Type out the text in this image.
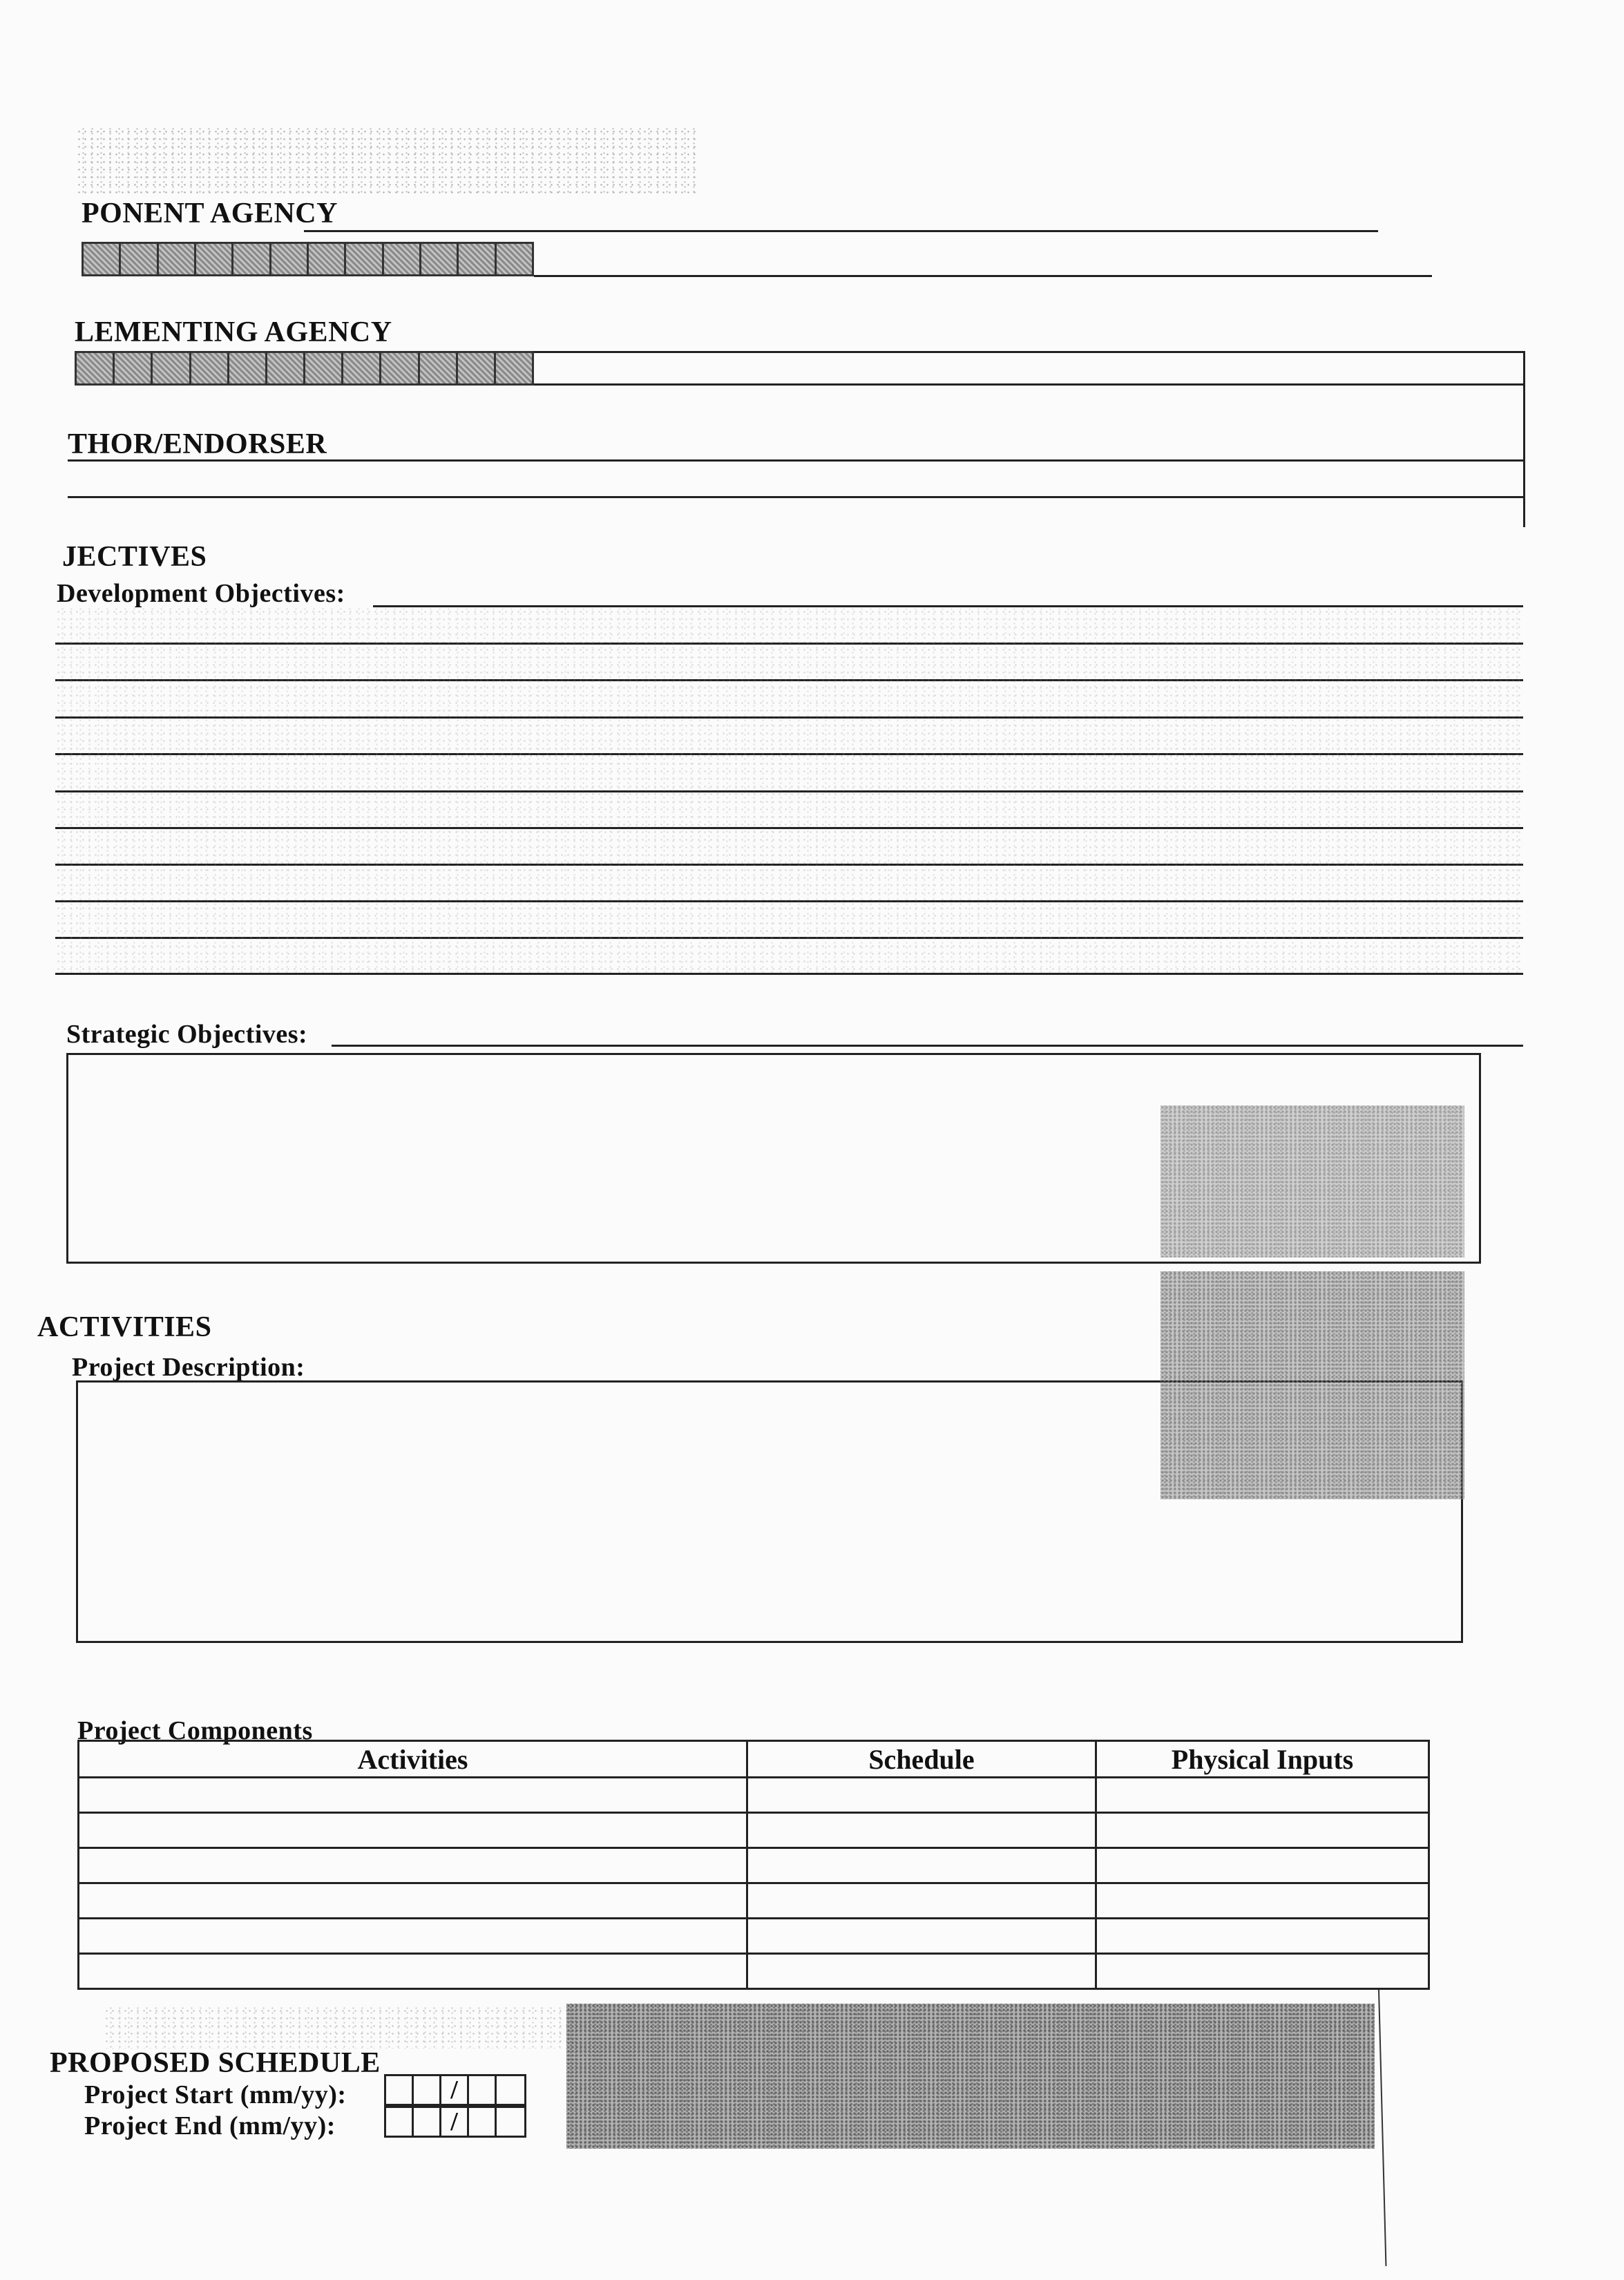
PONENT AGENCY
LEMENTING AGENCY
THOR/ENDORSER
JECTIVES
Development Objectives:
Strategic Objectives:
ACTIVITIES
Project Description:
Project Components
Activities	Schedule	Physical Inputs

PROPOSED SCHEDULE
Project Start (mm/yy):	/
Project End (mm/yy):	/
